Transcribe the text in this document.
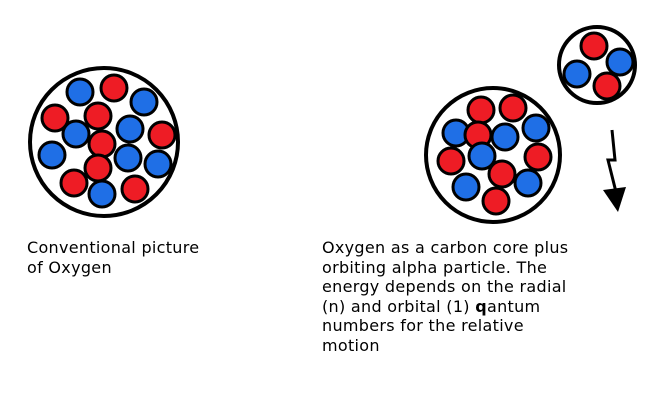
Conventional picture
of Oxygen

Oxygen as a carbon core plus
orbiting alpha particle. The
energy depends on the radial
(n) and orbital (1) qantum
numbers for the relative
motion
